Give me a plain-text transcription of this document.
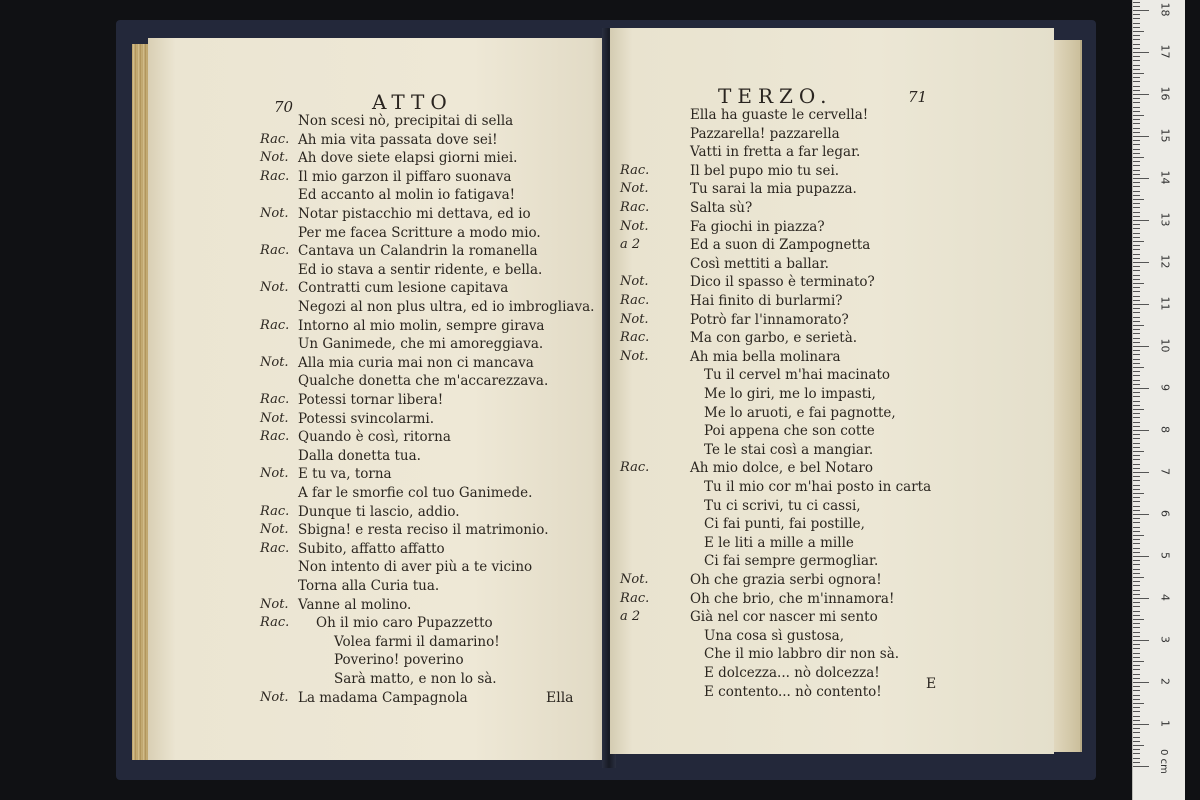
70	ATTO
Non scesi nò, precipitai di sella
Rac. Ah mia vita passata dove sei!
Not. Ah dove siete elapsi giorni miei.
Rac. Il mio garzon il piffaro suonava
Ed accanto al molin io fatigava!
Not. Notar pistacchio mi dettava, ed io
Per me facea Scritture a modo mio.
Rac. Cantava un Calandrin la romanella
Ed io stava a sentir ridente, e bella.
Not. Contratti cum lesione capitava
Negozi al non plus ultra, ed io imbrogliava.
Rac. Intorno al mio molin, sempre girava
Un Ganimede, che mi amoreggiava.
Not. Alla mia curia mai non ci mancava
Qualche donetta che m'accarezzava.
Rac. Potessi tornar libera!
Not. Potessi svincolarmi.
Rac. Quando è così, ritorna
Dalla donetta tua.
Not. E tu va, torna
A far le smorfie col tuo Ganimede.
Rac. Dunque ti lascio, addio.
Not. Sbigna! e resta reciso il matrimonio.
Rac. Subito, affatto affatto
Non intento di aver più a te vicino
Torna alla Curia tua.
Not. Vanne al molino.
Rac. Oh il mio caro Pupazzetto
Volea farmi il damarino!
Poverino! poverino
Sarà matto, e non lo sà.
Not. La madama Campagnola	Ella
TERZO.	71
Ella ha guaste le cervella!
Pazzarella! pazzarella
Vatti in fretta a far legar.
Rac.	Il bel pupo mio tu sei.
Not.	Tu sarai la mia pupazza.
Rac.	Salta sù?
Not.	Fa giochi in piazza?
a 2	Ed a suon di Zampognetta
Così mettiti a ballar.
Not.	Dico il spasso è terminato?
Rac.	Hai finito di burlarmi?
Not.	Potrò far l'innamorato?
Rac.	Ma con garbo, e serietà.
Not.	Ah mia bella molinara
Tu il cervel m'hai macinato
Me lo giri, me lo impasti,
Me lo aruoti, e fai pagnotte,
Poi appena che son cotte
Te le stai così a mangiar.
Rac.	Ah mio dolce, e bel Notaro
Tu il mio cor m'hai posto in carta
Tu ci scrivi, tu ci cassi,
Ci fai punti, fai postille,
E le liti a mille a mille
Ci fai sempre germogliar.
Not.	Oh che grazia serbi ognora!
Rac.	Oh che brio, che m'innamora!
a 2	Già nel cor nascer mi sento
Una cosa sì gustosa,
Che il mio labbro dir non sà.
E dolcezza... nò dolcezza!
E contento... nò contento!	E
0 cm
1
2
3
4
5
6
7
8
9
10
11
12
13
14
15
16
17
18
